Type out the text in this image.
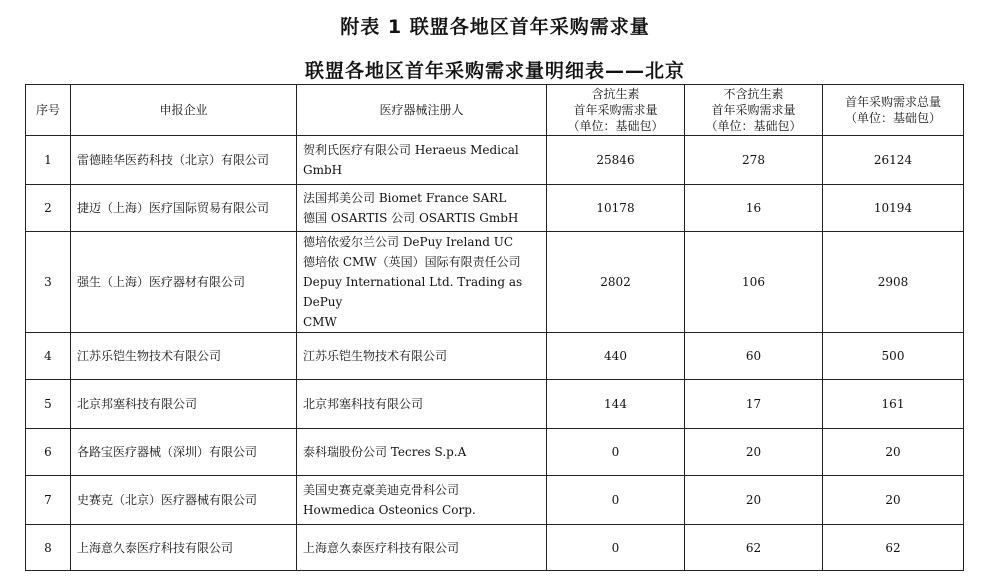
附表 1 联盟各地区首年采购需求量
联盟各地区首年采购需求量明细表——北京
序号	申报企业	医疗器械注册人	含抗生素
首年采购需求量
（单位：基础包）	不含抗生素
首年采购需求量
（单位：基础包）	首年采购需求总量
（单位：基础包）
1	雷德睦华医药科技（北京）有限公司	贺利氏医疗有限公司 Heraeus Medical
GmbH	25846	278	26124
2	捷迈（上海）医疗国际贸易有限公司	法国邦美公司 Biomet France SARL
德国 OSARTIS 公司 OSARTIS GmbH	10178	16	10194
3	强生（上海）医疗器材有限公司	德培依爱尔兰公司 DePuy Ireland UC
德培依 CMW（英国）国际有限责任公司
Depuy International Ltd. Trading as DePuy
CMW	2802	106	2908
4	江苏乐铠生物技术有限公司	江苏乐铠生物技术有限公司	440	60	500
5	北京邦塞科技有限公司	北京邦塞科技有限公司	144	17	161
6	各路宝医疗器械（深圳）有限公司	泰科瑞股份公司 Tecres S.p.A	0	20	20
7	史赛克（北京）医疗器械有限公司	美国史赛克豪美迪克骨科公司
Howmedica Osteonics Corp.	0	20	20
8	上海意久泰医疗科技有限公司	上海意久泰医疗科技有限公司	0	62	62
